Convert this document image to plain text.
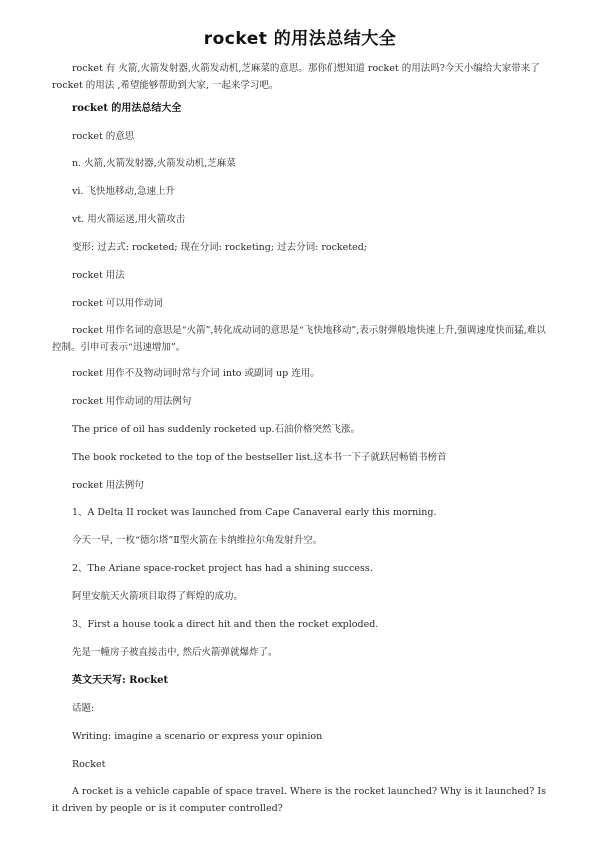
rocket 的用法总结大全
rocket 有 火箭,火箭发射器,火箭发动机,芝麻菜的意思。那你们想知道 rocket 的用法吗?今天小编给大家带来了 rocket 的用法 ,希望能够帮助到大家, 一起来学习吧。
rocket 的用法总结大全
rocket 的意思
n. 火箭,火箭发射器,火箭发动机,芝麻菜
vi. 飞快地移动,急速上升
vt. 用火箭运送,用火箭攻击
变形: 过去式: rocketed; 现在分词: rocketing; 过去分词: rocketed;
rocket 用法
rocket 可以用作动词
rocket 用作名词的意思是“火箭”,转化成动词的意思是“飞快地移动”,表示射弹般地快速上升,强调速度快而猛,难以控制。引申可表示“迅速增加”。
rocket 用作不及物动词时常与介词 into 或副词 up 连用。
rocket 用作动词的用法例句
The price of oil has suddenly rocketed up.石油价格突然飞涨。
The book rocketed to the top of the bestseller list.这本书一下子就跃居畅销书榜首
rocket 用法例句
1、A Delta II rocket was launched from Cape Canaveral early this morning.
今天一早, 一枚“德尔塔”Ⅱ型火箭在卡纳维拉尔角发射升空。
2、The Ariane space-rocket project has had a shining success.
阿里安航天火箭项目取得了辉煌的成功。
3、First a house took a direct hit and then the rocket exploded.
先是一幢房子被直接击中, 然后火箭弹就爆炸了。
英文天天写: Rocket
话题:
Writing: imagine a scenario or express your opinion
Rocket
A rocket is a vehicle capable of space travel. Where is the rocket launched? Why is it launched? Is it driven by people or is it computer controlled?
